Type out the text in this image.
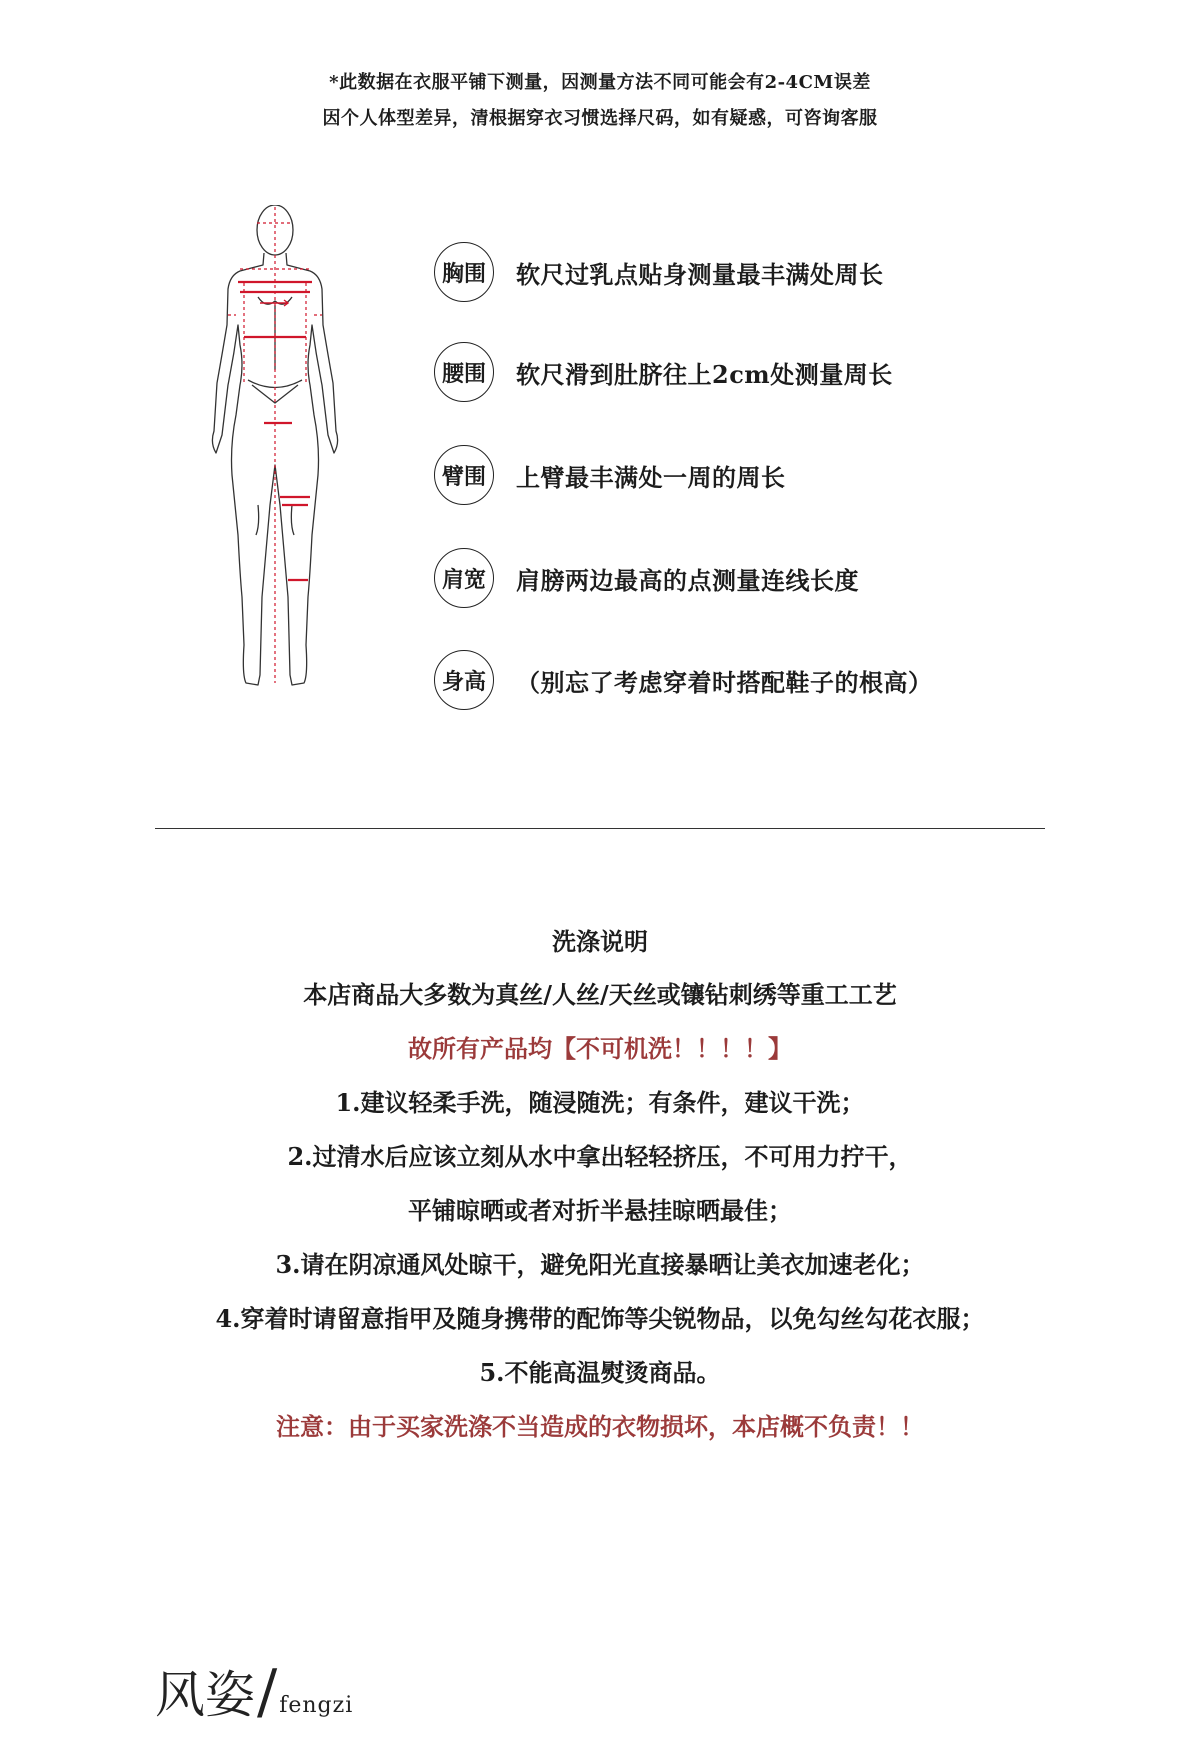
*此数据在衣服平铺下测量，因测量方法不同可能会有2-4CM误差
因个人体型差异，清根据穿衣习惯选择尺码，如有疑惑，可咨询客服
胸围	软尺过乳点贴身测量最丰满处周长
腰围	软尺滑到肚脐往上2cm处测量周长
臂围	上臂最丰满处一周的周长
肩宽	肩膀两边最高的点测量连线长度
身高	（别忘了考虑穿着时搭配鞋子的根高）
洗涤说明
本店商品大多数为真丝/人丝/天丝或镶钻刺绣等重工工艺
故所有产品均【不可机洗！！！！】
1.建议轻柔手洗，随浸随洗；有条件，建议干洗；
2.过清水后应该立刻从水中拿出轻轻挤压，不可用力拧干，
平铺晾晒或者对折半悬挂晾晒最佳；
3.请在阴凉通风处晾干，避免阳光直接暴晒让美衣加速老化；
4.穿着时请留意指甲及随身携带的配饰等尖锐物品，以免勾丝勾花衣服；
5.不能高温熨烫商品。
注意：由于买家洗涤不当造成的衣物损坏，本店概不负责！！
风姿 / fengzi
